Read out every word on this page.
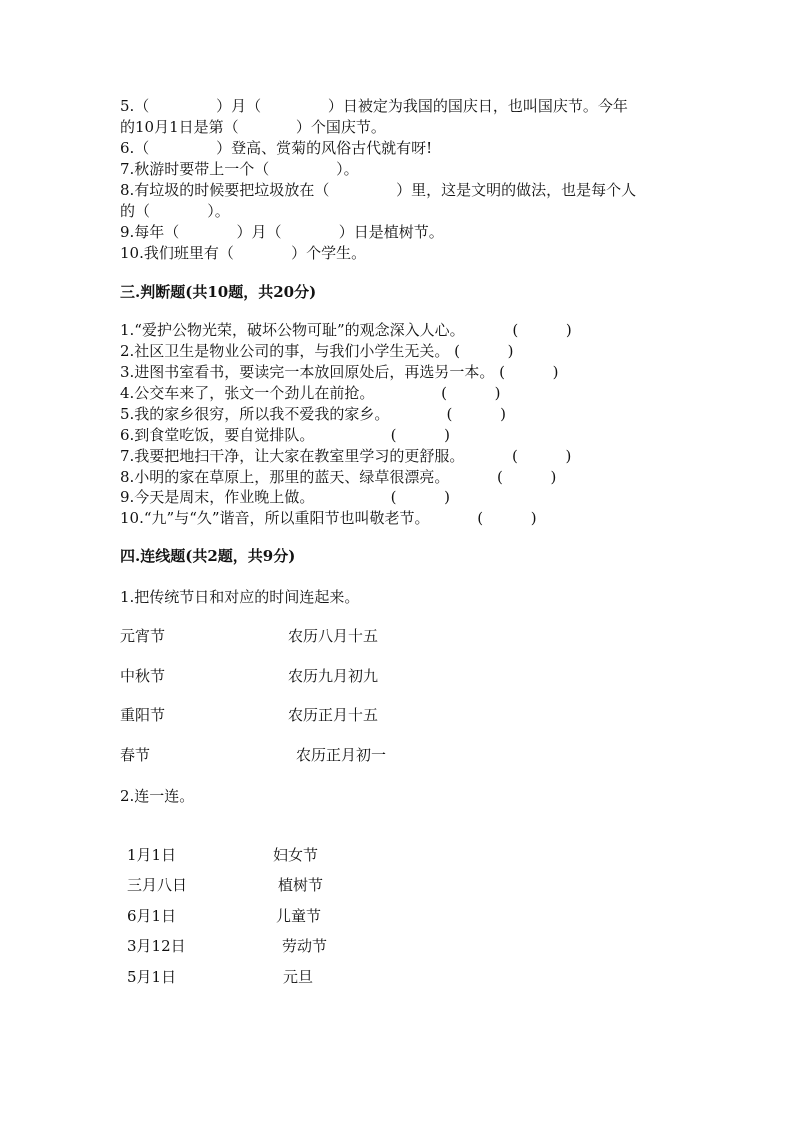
5.（              ）月（              ）日被定为我国的国庆日，也叫国庆节。今年
的10月1日是第（            ）个国庆节。
6.（              ）登高、赏菊的风俗古代就有呀!
7.秋游时要带上一个（              ）。
8.有垃圾的时候要把垃圾放在（              ）里，这是文明的做法，也是每个人
的（            ）。
9.每年（            ）月（            ）日是植树节。
10.我们班里有（            ）个学生。
三.判断题(共10题，共20分)
1.“爱护公物光荣，破坏公物可耻”的观念深入人心。          (          )
2.社区卫生是物业公司的事，与我们小学生无关。 (          )
3.进图书室看书，要读完一本放回原处后，再选另一本。 (          )
4.公交车来了，张文一个劲儿在前抢。              (          )
5.我的家乡很穷，所以我不爱我的家乡。            (          )
6.到食堂吃饭，要自觉排队。                (          )
7.我要把地扫干净，让大家在教室里学习的更舒服。          (          )
8.小明的家在草原上，那里的蓝天、绿草很漂亮。          (          )
9.今天是周末，作业晚上做。                (          )
10.“九”与“久”谐音，所以重阳节也叫敬老节。          (          )
四.连线题(共2题，共9分)
1.把传统节日和对应的时间连起来。
元宵节	农历八月十五
中秋节	农历九月初九
重阳节	农历正月十五
春节	农历正月初一
2.连一连。
1月1日	妇女节
三月八日	植树节
6月1日	儿童节
3月12日	劳动节
5月1日	元旦
